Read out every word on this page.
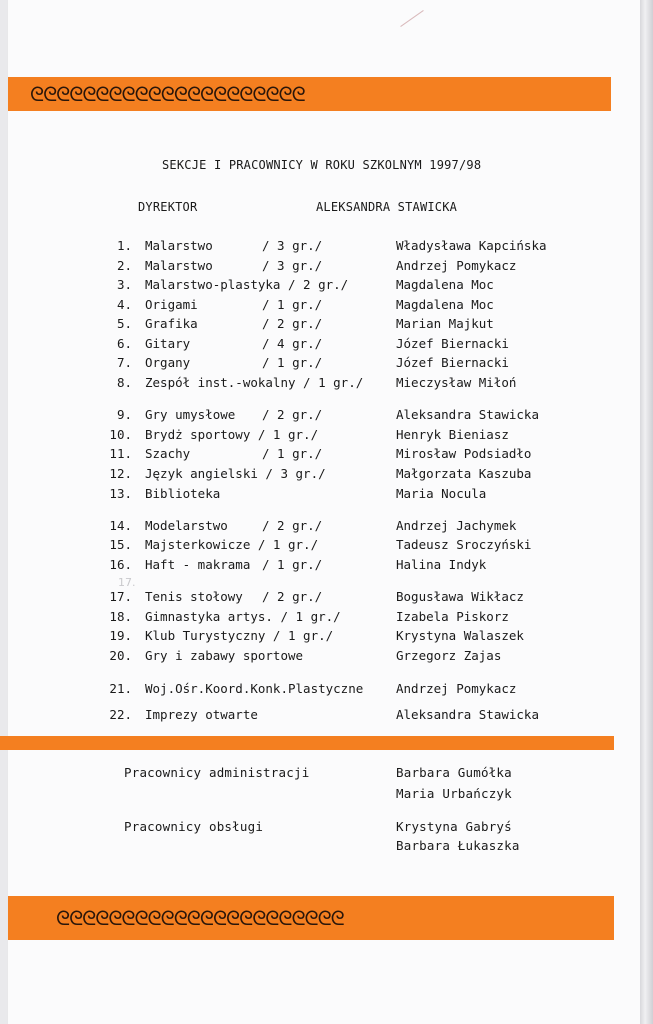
ᘓᘓᘓᘓᘓᘓᘓᘓᘓᘓᘓᘓᘓᘓᘓᘓᘓᘓᘓᘓᘓ
SEKCJE I PRACOWNICY W ROKU SZKOLNYM 1997/98
DYREKTOR	ALEKSANDRA STAWICKA
1. Malarstwo	/ 3 gr./	Władysława Kapcińska
2. Malarstwo	/ 3 gr./	Andrzej Pomykacz
3. Malarstwo-plastyka / 2 gr./	Magdalena Moc
4. Origami	/ 1 gr./	Magdalena Moc
5. Grafika	/ 2 gr./	Marian Majkut
6. Gitary	/ 4 gr./	Józef Biernacki
7. Organy	/ 1 gr./	Józef Biernacki
8. Zespół inst.-wokalny / 1 gr./	Mieczysław Miłoń
9. Gry umysłowe / 2 gr./	Aleksandra Stawicka
10. Brydż sportowy / 1 gr./	Henryk Bieniasz
11. Szachy	/ 1 gr./	Mirosław Podsiadło
12. Język angielski / 3 gr./	Małgorzata Kaszuba
13. Biblioteka	Maria Nocula
14. Modelarstwo	/ 2 gr./	Andrzej Jachymek
15. Majsterkowicze / 1 gr./	Tadeusz Sroczyński
16. Haft - makrama / 1 gr./	Halina Indyk
17. Tenis stołowy / 2 gr./	Bogusława Wikłacz
18. Gimnastyka artys. / 1 gr./	Izabela Piskorz
19. Klub Turystyczny / 1 gr./	Krystyna Walaszek
20. Gry i zabawy sportowe	Grzegorz Zajas
21. Woj.Ośr.Koord.Konk.Plastyczne	Andrzej Pomykacz
22. Imprezy otwarte	Aleksandra Stawicka
17.
Pracownicy administracji	Barbara Gumółka
Maria Urbańczyk
Pracownicy obsługi	Krystyna Gabryś
Barbara Łukaszka
ᘓᘓᘓᘓᘓᘓᘓᘓᘓᘓᘓᘓᘓᘓᘓᘓᘓᘓᘓᘓᘓᘓ
